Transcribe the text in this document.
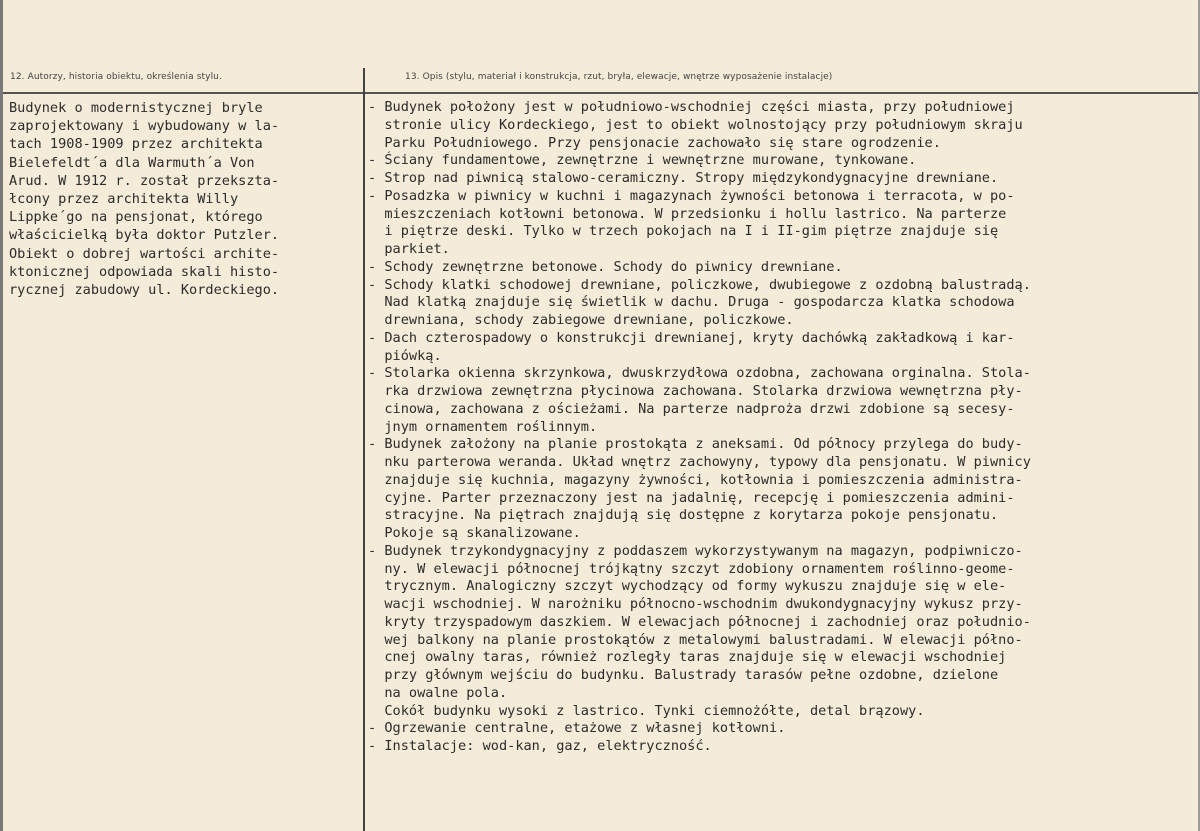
12. Autorzy, historia obiektu, określenia stylu.	13. Opis (stylu, materiał i konstrukcja, rzut, bryła, elewacje, wnętrze wyposażenie instalacje)
Budynek o modernistycznej bryle
zaprojektowany i wybudowany w la-
tach 1908-1909 przez architekta
Bielefeldt´a dla Warmuth´a Von
Arud. W 1912 r. został przekszta-
łcony przez architekta Willy
Lippke´go na pensjonat, którego
właścicielką była doktor Putzler.
Obiekt o dobrej wartości archite-
ktonicznej odpowiada skali histo-
rycznej zabudowy ul. Kordeckiego.
- Budynek położony jest w południowo-wschodniej części miasta, przy południowej
stronie ulicy Kordeckiego, jest to obiekt wolnostojący przy południowym skraju
Parku Południowego. Przy pensjonacie zachowało się stare ogrodzenie.
- Ściany fundamentowe, zewnętrzne i wewnętrzne murowane, tynkowane.
- Strop nad piwnicą stalowo-ceramiczny. Stropy międzykondygnacyjne drewniane.
- Posadzka w piwnicy w kuchni i magazynach żywności betonowa i terracota, w po-
mieszczeniach kotłowni betonowa. W przedsionku i hollu lastrico. Na parterze
i piętrze deski. Tylko w trzech pokojach na I i II-gim piętrze znajduje się
parkiet.
- Schody zewnętrzne betonowe. Schody do piwnicy drewniane.
- Schody klatki schodowej drewniane, policzkowe, dwubiegowe z ozdobną balustradą.
Nad klatką znajduje się świetlik w dachu. Druga - gospodarcza klatka schodowa
drewniana, schody zabiegowe drewniane, policzkowe.
- Dach czterospadowy o konstrukcji drewnianej, kryty dachówką zakładkową i kar-
piówką.
- Stolarka okienna skrzynkowa, dwuskrzydłowa ozdobna, zachowana orginalna. Stola-
rka drzwiowa zewnętrzna płycinowa zachowana. Stolarka drzwiowa wewnętrzna pły-
cinowa, zachowana z ościeżami. Na parterze nadproża drzwi zdobione są secesy-
jnym ornamentem roślinnym.
- Budynek założony na planie prostokąta z aneksami. Od północy przylega do budy-
nku parterowa weranda. Układ wnętrz zachowyny, typowy dla pensjonatu. W piwnicy
znajduje się kuchnia, magazyny żywności, kotłownia i pomieszczenia administra-
cyjne. Parter przeznaczony jest na jadalnię, recepcję i pomieszczenia admini-
stracyjne. Na piętrach znajdują się dostępne z korytarza pokoje pensjonatu.
Pokoje są skanalizowane.
- Budynek trzykondygnacyjny z poddaszem wykorzystywanym na magazyn, podpiwniczo-
ny. W elewacji północnej trójkątny szczyt zdobiony ornamentem roślinno-geome-
trycznym. Analogiczny szczyt wychodzący od formy wykuszu znajduje się w ele-
wacji wschodniej. W narożniku północno-wschodnim dwukondygnacyjny wykusz przy-
kryty trzyspadowym daszkiem. W elewacjach północnej i zachodniej oraz południo-
wej balkony na planie prostokątów z metalowymi balustradami. W elewacji półno-
cnej owalny taras, również rozległy taras znajduje się w elewacji wschodniej
przy głównym wejściu do budynku. Balustrady tarasów pełne ozdobne, dzielone
na owalne pola.
Cokół budynku wysoki z lastrico. Tynki ciemnożółte, detal brązowy.
- Ogrzewanie centralne, etażowe z własnej kotłowni.
- Instalacje: wod-kan, gaz, elektryczność.
